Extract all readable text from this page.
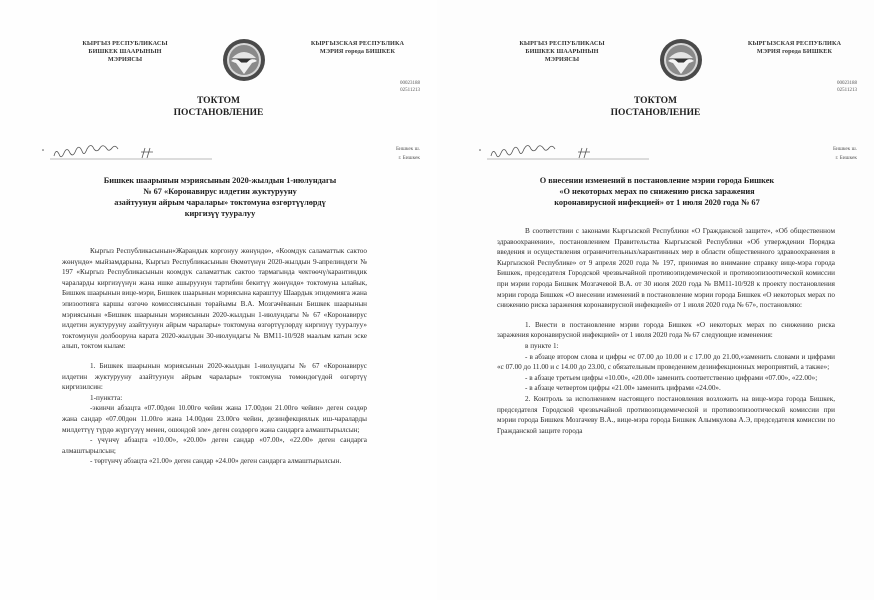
КЫРГЫЗ РЕСПУБЛИКАСЫ
БИШКЕК ШААРЫНЫН
МЭРИЯСЫ
КЫРГЫЗСКАЯ РЕСПУБЛИКА
МЭРИЯ города БИШКЕК
00023188
02511213
ТОКТОМ
ПОСТАНОВЛЕНИЕ
Бишкек ш.
г. Бишкек
Бишкек шаарынын мэриясынын 2020-жылдын 1-июлундагы
№ 67 «Коронавирус илдетин жуктурууну
азайтуунун айрым чаралары» токтомуна өзгөртүүлөрдү
киргизүү тууралуу

Кыргыз Республикасынын«Жарандык коргонуу жөнүндө», «Коомдук саламаттык сактоо жөнүндө» мыйзамдарына, Кыргыз Республикасынын Өкмөтүнүн 2020-жылдын 9-апрелиндеги № 197 «Кыргыз Республикасынын коомдук саламаттык сактоо тармагында чектөөчү/карантиндик чараларды киргизүүнүн жана ишке ашыруунун тартибин бекитүү жөнүндө» токтомуна ылайык, Бишкек шаарынын вице-мэри, Бишкек шаарынын мэриясына караштуу Шаардык эпидемияга жана эпизоотияга каршы өзгөчө комиссиясынын төрайымы В.А. Мозгачёванын Бишкек шаарынын мэриясынын «Бишкек шаарынын мэриясынын 2020-жылдын 1-июлундагы № 67 «Коронавирус илдетин жуктурууну азайтуунун айрым чаралары» токтомуна өзгөртүүлөрдү киргизүү тууралуу» токтомунун долбооруна карата 2020-жылдын 30-июлундагы № ВМ11-10/928 маалым катын эске алып, токтом кылам:

1. Бишкек шаарынын мэриясынын 2020-жылдын 1-июлундагы № 67 «Коронавирус илдетин жуктурууну азайтуунун айрым чаралары» токтомуна төмөндөгүдөй өзгөртүү киргизилсин:

1-пунктта:

-экинчи абзацта «07.00дөн 10.00гө чейин жана 17.00дөн 21.00гө чейин» деген сөздөр жана сандар «07.00дөн 11.00гө жана 14.00дөн 23.00гө чейин, дезинфекциялык иш-чараларды милдеттүү түрдө жүргүзүү менен, ошондой эле» деген сөздөргө жана сандарга алмаштырылсын;

- үчүнчү абзацта «10.00», «20.00» деген сандар «07.00», «22.00» деген сандарга алмаштырылсын;

- төртүнчү абзацта «21.00» деген сандар «24.00» деген сандарга алмаштырылсын.

КЫРГЫЗ РЕСПУБЛИКАСЫ
БИШКЕК ШААРЫНЫН
МЭРИЯСЫ
КЫРГЫЗСКАЯ РЕСПУБЛИКА
МЭРИЯ города БИШКЕК
00023188
02511213
ТОКТОМ
ПОСТАНОВЛЕНИЕ
Бишкек ш.
г. Бишкек
О внесении изменений в постановление мэрии города Бишкек
«О некоторых мерах по снижению риска заражения
коронавирусной инфекцией» от 1 июля 2020 года № 67

В соответствии с законами Кыргызской Республики «О Гражданской защите», «Об общественном здравоохранении», постановлением Правительства Кыргызской Республики «Об утверждении Порядка введения и осуществления ограничительных/карантинных мер в области общественного здравоохранения в Кыргызской Республике» от 9 апреля 2020 года № 197, принимая во внимание справку вице-мэра города Бишкек, председателя Городской чрезвычайной противоэпидемической и противоэпизоотической комиссии при мэрии города Бишкек Мозгачевой В.А. от 30 июля 2020 года № ВМ11-10/928 к проекту постановления мэрии города Бишкек «О внесении изменений в постановление мэрии города Бишкек «О некоторых мерах по снижению риска заражения коронавирусной инфекцией» от 1 июля 2020 года № 67», постановляю:

1. Внести в постановление мэрии города Бишкек «О некоторых мерах по снижению риска заражения коронавирусной инфекцией» от 1 июля 2020 года № 67 следующие изменения:

в пункте 1:

- в абзаце втором слова и цифры «с 07.00 до 10.00 и с 17.00 до 21.00,»заменить словами и цифрами «с 07.00 до 11.00 и с 14.00 до 23.00, с обязательным проведением дезинфекционных мероприятий, а также»;

- в абзаце третьем цифры «10.00», «20.00» заменить соответственно цифрами «07.00», «22.00»;

- в абзаце четвертом цифры «21.00» заменить цифрами «24.00».

2. Контроль за исполнением настоящего постановления возложить на вице-мэра города Бишкек, председателя Городской чрезвычайной противоэпидемической и противоэпизоотической комиссии при мэрии города Бишкек Мозгачеву В.А., вице-мэра города Бишкек Алымкулова А.Э, председателя комиссии по Гражданской защите города
